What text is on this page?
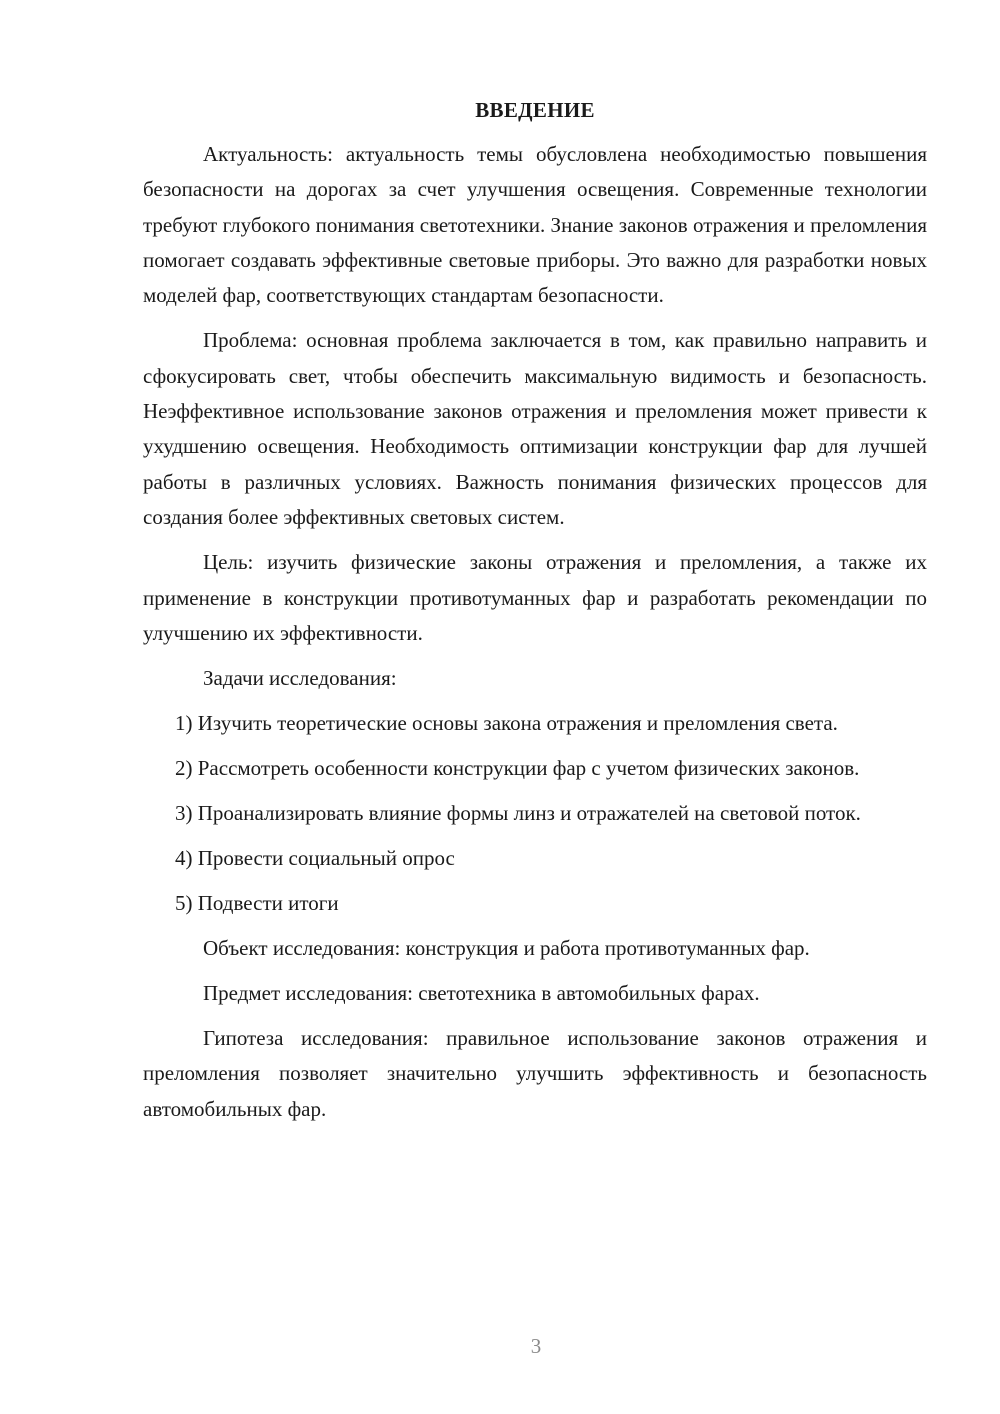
ВВЕДЕНИЕ

Актуальность: актуальность темы обусловлена необходимостью повышения безопасности на дорогах за счет улучшения освещения. Современные технологии требуют глубокого понимания светотехники. Знание законов отражения и преломления помогает создавать эффективные световые приборы. Это важно для разработки новых моделей фар, соответствующих стандартам безопасности.

Проблема: основная проблема заключается в том, как правильно направить и сфокусировать свет, чтобы обеспечить максимальную видимость и безопасность. Неэффективное использование законов отражения и преломления может привести к ухудшению освещения. Необходимость оптимизации конструкции фар для лучшей работы в различных условиях. Важность понимания физических процессов для создания более эффективных световых систем.

Цель: изучить физические законы отражения и преломления, а также их применение в конструкции противотуманных фар и разработать рекомендации по улучшению их эффективности.

Задачи исследования:

1) Изучить теоретические основы закона отражения и преломления света.

2) Рассмотреть особенности конструкции фар с учетом физических законов.

3) Проанализировать влияние формы линз и отражателей на световой поток.

4) Провести социальный опрос

5) Подвести итоги

Объект исследования: конструкция и работа противотуманных фар.

Предмет исследования: светотехника в автомобильных фарах.

Гипотеза исследования: правильное использование законов отражения и преломления позволяет значительно улучшить эффективность и безопасность автомобильных фар.

3
